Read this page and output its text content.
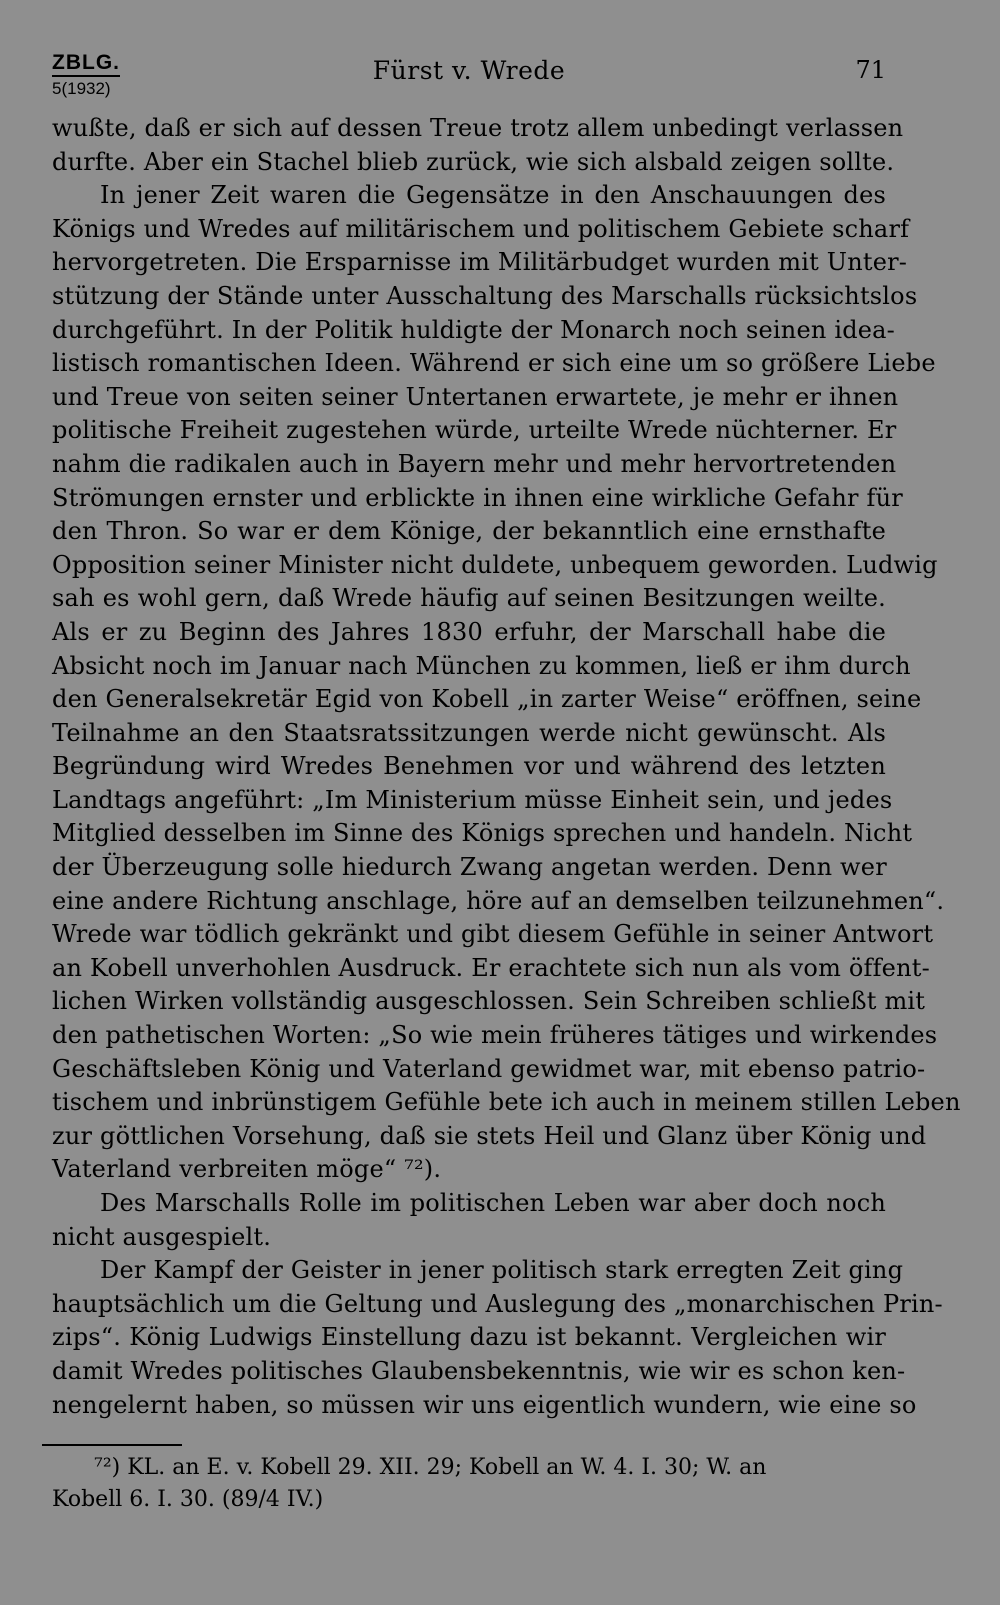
ZBLG.
5(1932)
Fürst v. Wrede	71

wußte, daß er sich auf dessen Treue trotz allem unbedingt verlassen
durfte. Aber ein Stachel blieb zurück, wie sich alsbald zeigen sollte.

In jener Zeit waren die Gegensätze in den Anschauungen des
Königs und Wredes auf militärischem und politischem Gebiete scharf
hervorgetreten. Die Ersparnisse im Militärbudget wurden mit Unter-
stützung der Stände unter Ausschaltung des Marschalls rücksichtslos
durchgeführt. In der Politik huldigte der Monarch noch seinen idea-
listisch romantischen Ideen. Während er sich eine um so größere Liebe
und Treue von seiten seiner Untertanen erwartete, je mehr er ihnen
politische Freiheit zugestehen würde, urteilte Wrede nüchterner. Er
nahm die radikalen auch in Bayern mehr und mehr hervortretenden
Strömungen ernster und erblickte in ihnen eine wirkliche Gefahr für
den Thron. So war er dem Könige, der bekanntlich eine ernsthafte
Opposition seiner Minister nicht duldete, unbequem geworden. Ludwig
sah es wohl gern, daß Wrede häufig auf seinen Besitzungen weilte.
Als er zu Beginn des Jahres 1830 erfuhr, der Marschall habe die
Absicht noch im Januar nach München zu kommen, ließ er ihm durch
den Generalsekretär Egid von Kobell „in zarter Weise“ eröffnen, seine
Teilnahme an den Staatsratssitzungen werde nicht gewünscht. Als
Begründung wird Wredes Benehmen vor und während des letzten
Landtags angeführt: „Im Ministerium müsse Einheit sein, und jedes
Mitglied desselben im Sinne des Königs sprechen und handeln. Nicht
der Überzeugung solle hiedurch Zwang angetan werden. Denn wer
eine andere Richtung anschlage, höre auf an demselben teilzunehmen“.
Wrede war tödlich gekränkt und gibt diesem Gefühle in seiner Antwort
an Kobell unverhohlen Ausdruck. Er erachtete sich nun als vom öffent-
lichen Wirken vollständig ausgeschlossen. Sein Schreiben schließt mit
den pathetischen Worten: „So wie mein früheres tätiges und wirkendes
Geschäftsleben König und Vaterland gewidmet war, mit ebenso patrio-
tischem und inbrünstigem Gefühle bete ich auch in meinem stillen Leben
zur göttlichen Vorsehung, daß sie stets Heil und Glanz über König und
Vaterland verbreiten möge“ ⁷²).

Des Marschalls Rolle im politischen Leben war aber doch noch
nicht ausgespielt.

Der Kampf der Geister in jener politisch stark erregten Zeit ging
hauptsächlich um die Geltung und Auslegung des „monarchischen Prin-
zips“. König Ludwigs Einstellung dazu ist bekannt. Vergleichen wir
damit Wredes politisches Glaubensbekenntnis, wie wir es schon ken-
nengelernt haben, so müssen wir uns eigentlich wundern, wie eine so

⁷²) KL. an E. v. Kobell 29. XII. 29; Kobell an W. 4. I. 30; W. an
Kobell 6. I. 30. (89/4 IV.)
